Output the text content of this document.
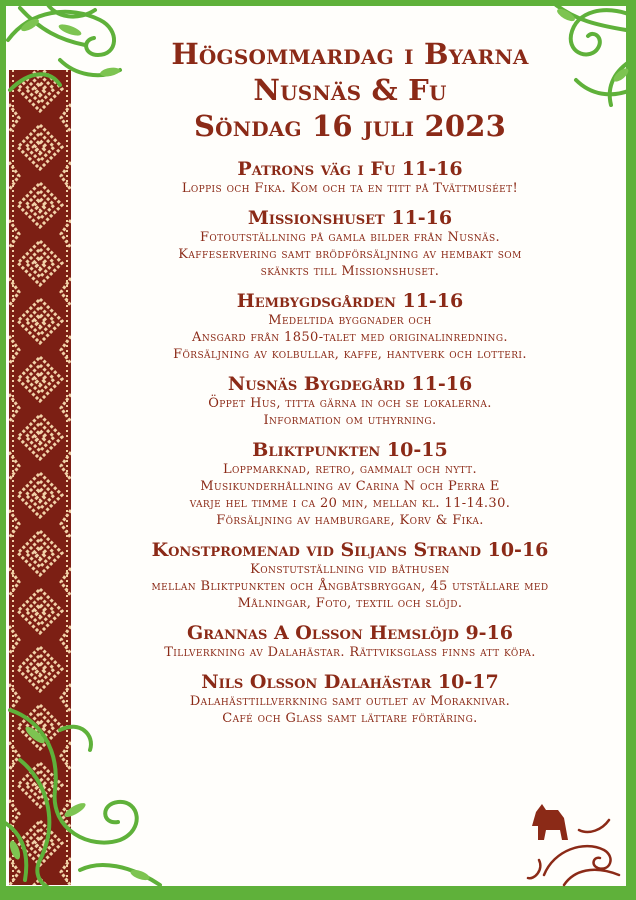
Högsommardag i Byarna
Nusnäs & Fu
Söndag 16 juli 2023
Patrons väg i Fu 11-16
Loppis och Fika. Kom och ta en titt på Tvättmuséet!
Missionshuset 11-16
Fotoutställning på gamla bilder från Nusnäs.
Kaffeservering samt brödförsäljning av hembakt som
skänkts till Missionshuset.
Hembygdsgården 11-16
Medeltida byggnader och
Ansgard från 1850-talet med originalinredning.
Försäljning av kolbullar, kaffe, hantverk och lotteri.
Nusnäs Bygdegård 11-16
Öppet Hus, titta gärna in och se lokalerna.
Information om uthyrning.
Bliktpunkten 10-15
Loppmarknad, retro, gammalt och nytt.
Musikunderhållning av Carina N och Perra E
varje hel timme i ca 20 min, mellan kl. 11-14.30.
Försäljning av hamburgare, Korv & Fika.
Konstpromenad vid Siljans Strand 10-16
Konstutställning vid båthusen
mellan Bliktpunkten och Ångbåtsbryggan, 45 utställare med
Målningar, Foto, textil och slöjd.
Grannas A Olsson Hemslöjd 9-16
Tillverkning av Dalahästar. Rättviksglass finns att köpa.
Nils Olsson Dalahästar 10-17
Dalahästtillverkning samt outlet av Moraknivar.
Café och Glass samt lättare förtäring.
